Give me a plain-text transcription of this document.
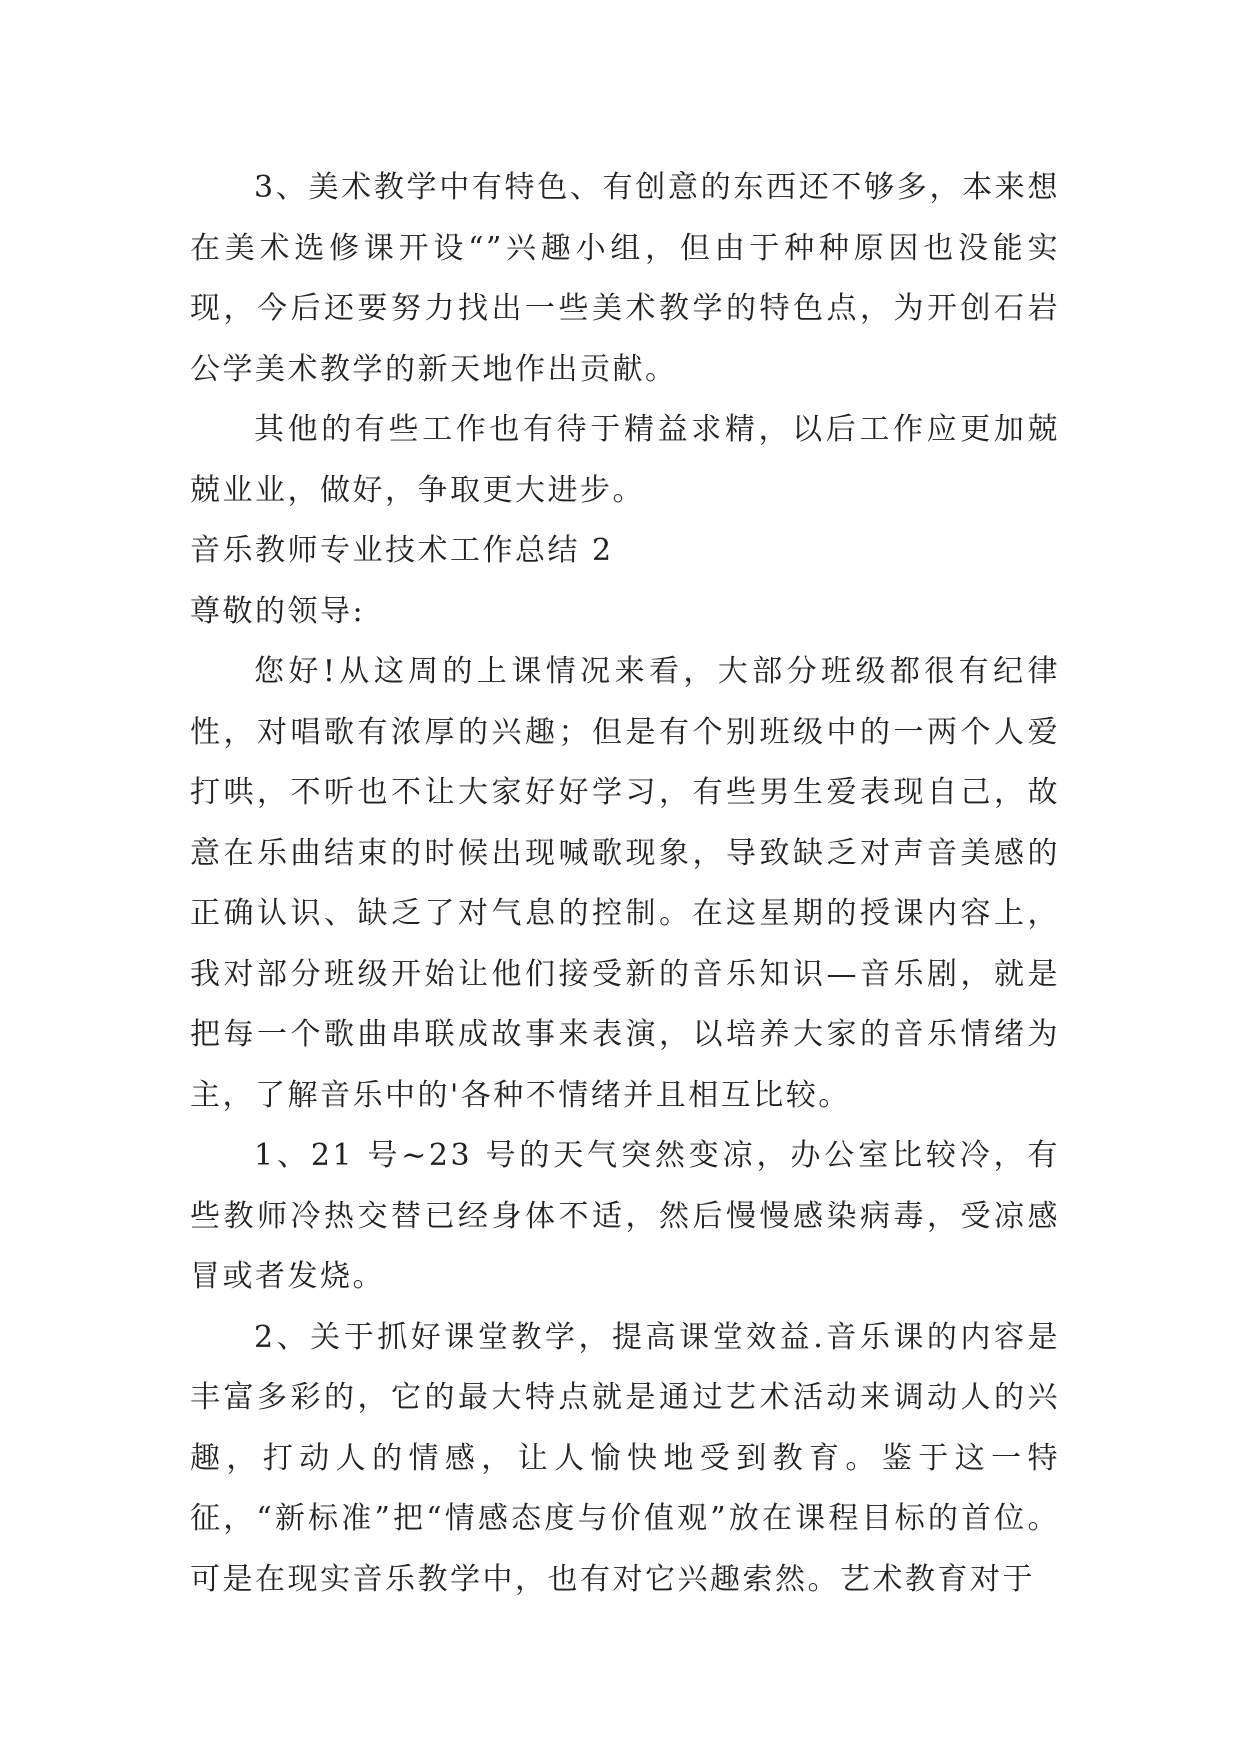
3、美术教学中有特色、有创意的东西还不够多，本来想在美术选修课开设“”兴趣小组，但由于种种原因也没能实现，今后还要努力找出一些美术教学的特色点，为开创石岩公学美术教学的新天地作出贡献。

其他的有些工作也有待于精益求精，以后工作应更加兢兢业业，做好，争取更大进步。

音乐教师专业技术工作总结 2

尊敬的领导:

您好!从这周的上课情况来看，大部分班级都很有纪律性，对唱歌有浓厚的兴趣；但是有个别班级中的一两个人爱打哄，不听也不让大家好好学习，有些男生爱表现自己，故意在乐曲结束的时候出现喊歌现象，导致缺乏对声音美感的正确认识、缺乏了对气息的控制。在这星期的授课内容上，我对部分班级开始让他们接受新的音乐知识—音乐剧，就是把每一个歌曲串联成故事来表演，以培养大家的音乐情绪为主，了解音乐中的'各种不情绪并且相互比较。

1、21 号~23 号的天气突然变凉，办公室比较冷，有些教师冷热交替已经身体不适，然后慢慢感染病毒，受凉感冒或者发烧。

2、关于抓好课堂教学，提高课堂效益.音乐课的内容是丰富多彩的，它的最大特点就是通过艺术活动来调动人的兴趣，打动人的情感，让人愉快地受到教育。鉴于这一特征，“新标准”把“情感态度与价值观”放在课程目标的首位。可是在现实音乐教学中，也有对它兴趣索然。艺术教育对于
